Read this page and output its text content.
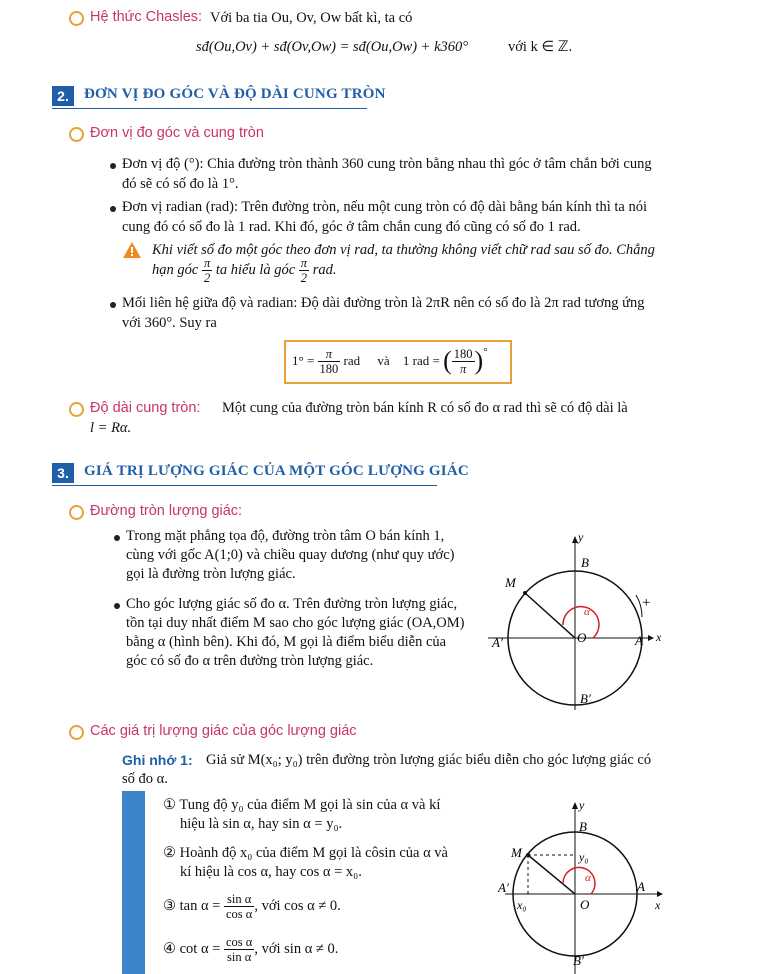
Hệ thức Chasles: Với ba tia Ou, Ov, Ow bất kì, ta có
sđ(Ou,Ov) + sđ(Ov,Ow) = sđ(Ou,Ow) + k360°	với k ∈ ℤ.
2.	ĐƠN VỊ ĐO GÓC VÀ ĐỘ DÀI CUNG TRÒN
Đơn vị đo góc và cung tròn
Đơn vị độ (°): Chia đường tròn thành 360 cung tròn bằng nhau thì góc ở tâm chắn bởi cung
đó sẽ có số đo là 1°.
Đơn vị radian (rad): Trên đường tròn, nếu một cung tròn có độ dài bằng bán kính thì ta nói
cung đó có số đo là 1 rad. Khi đó, góc ở tâm chắn cung đó cũng có số đo 1 rad.
Khi viết số đo một góc theo đơn vị rad, ta thường không viết chữ rad sau số đo. Chẳng
hạn góc $\frac{\pi}{2}$ ta hiểu là góc $\frac{\pi}{2}$ rad.
Mối liên hệ giữa độ và radian: Độ dài đường tròn là 2πR nên có số đo là 2π rad tương ứng
với 360°. Suy ra
$1^\circ = \frac{\pi}{180}$ rad và 1 rad = ( $\frac{180}{\pi} )^\circ$
Độ dài cung tròn: Một cung của đường tròn bán kính R có số đo α rad thì sẽ có độ dài là
l = Rα.
3.	GIÁ TRỊ LƯỢNG GIÁC CỦA MỘT GÓC LƯỢNG GIÁC
Đường tròn lượng giác:
Trong mặt phẳng tọa độ, đường tròn tâm O bán kính 1,
cùng với gốc A(1;0) và chiều quay dương (như quy ước)
gọi là đường tròn lượng giác.
Cho góc lượng giác số đo α. Trên đường tròn lượng giác,
tồn tại duy nhất điểm M sao cho góc lượng giác (OA,OM)
bằng α (hình bên). Khi đó, M gọi là điểm biểu diễn của
góc có số đo α trên đường tròn lượng giác.
y
x
B
M
α
+
A′	O	A
B′
Các giá trị lượng giác của góc lượng giác
Ghi nhớ 1: Giả sử M(x₀; y₀) trên đường tròn lượng giác biểu diễn cho góc lượng giác có
số đo α.
① Tung độ y₀ của điểm M gọi là sin của α và kí
hiệu là sin α, hay sin α = y₀.
② Hoành độ x₀ của điểm M gọi là côsin của α và
kí hiệu là cos α, hay cos α = x₀.
③ $\tan \alpha = \frac{\text{sin α}}{\text{cos α}}$ , với cos α ≠ 0.
④ $\cot \alpha = \frac{\text{cos α}}{\text{sin α}}$ , với sin α ≠ 0.
y
x
B
M	y₀
α
A′	A
x₀	O
B′
